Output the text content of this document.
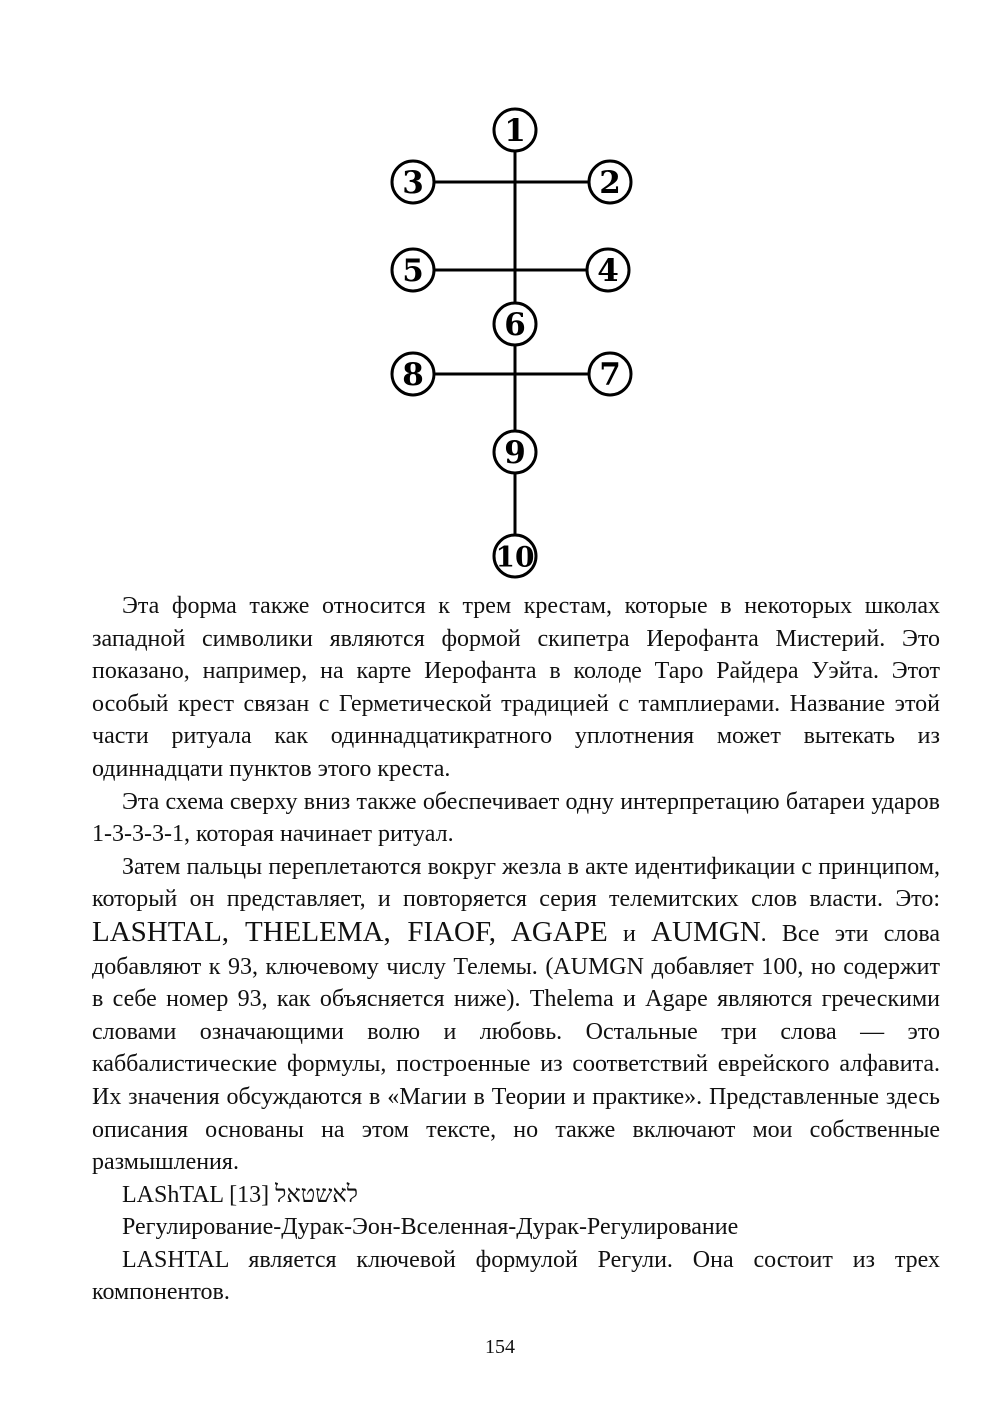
1
2
3
4
5
6
7
8
9
10

Эта форма также относится к трем крестам, которые в некоторых школах западной символики являются формой скипетра Иерофанта Мистерий. Это показано, например, на карте Иерофанта в колоде Таро Райдера Уэйта. Этот особый крест связан с Герметической традицией с тамплиерами. Название этой части ритуала как одиннадцатикратного уплотнения может вытекать из одиннадцати пунктов этого креста.

Эта схема сверху вниз также обеспечивает одну интерпретацию батареи ударов 1-3-3-3-1, которая начинает ритуал.

Затем пальцы переплетаются вокруг жезла в акте идентификации с принципом, который он представляет, и повторяется серия телемитских слов власти. Это: LASHTAL, THELEMA, FIAOF, AGAPE и AUMGN. Все эти слова добавляют к 93, ключевому числу Телемы. (AUMGN добавляет 100, но содержит в себе номер 93, как объясняется ниже). Thelema и Agape являются греческими словами означающими волю и любовь. Остальные три слова — это каббалистические формулы, построенные из соответствий еврейского алфавита. Их значения обсуждаются в «Магии в Теории и практике». Представленные здесь описания основаны на этом тексте, но также включают мои собственные размышления.

LAShTAL [13] לאשטאל

Регулирование-Дурак-Эон-Вселенная-Дурак-Регулирование

LASHTAL является ключевой формулой Регули. Она состоит из трех компонентов.

154
